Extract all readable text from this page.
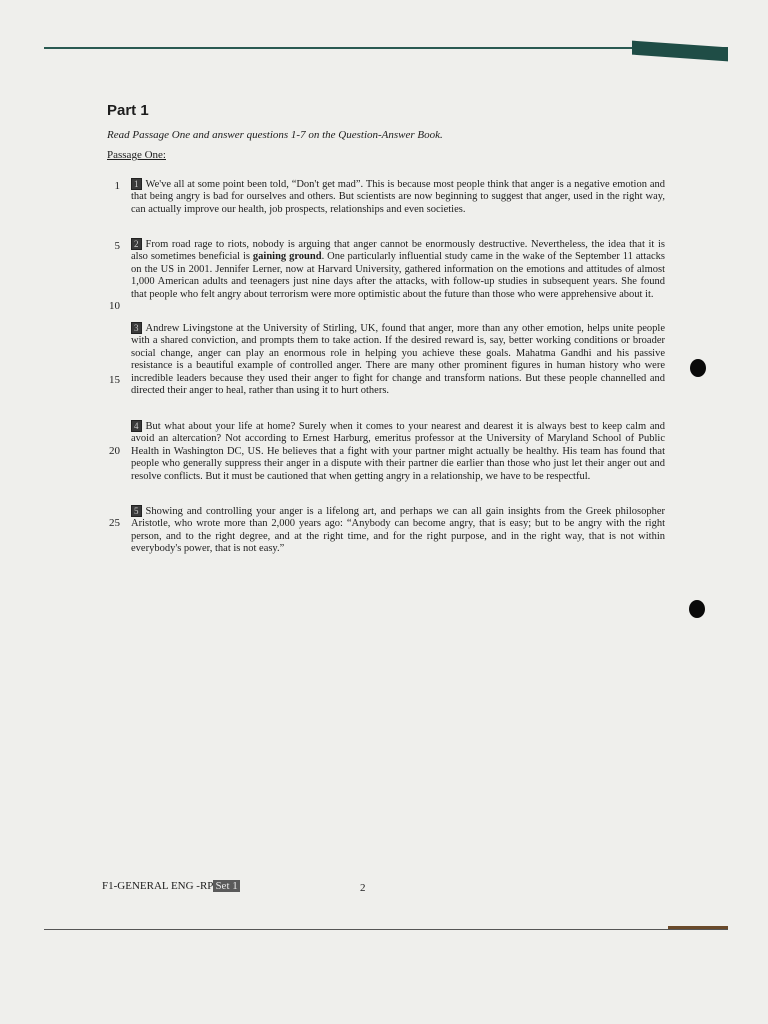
Part 1

Read Passage One and answer questions 1-7 on the Question-Answer Book.

Passage One:

1
5
10
15
20
25

1 We've all at some point been told, “Don't get mad”. This is because most people think that anger is a negative emotion and that being angry is bad for ourselves and others. But scientists are now beginning to suggest that anger, used in the right way, can actually improve our health, job prospects, relationships and even societies.

2 From road rage to riots, nobody is arguing that anger cannot be enormously destructive. Nevertheless, the idea that it is also sometimes beneficial is gaining ground. One particularly influential study came in the wake of the September 11 attacks on the US in 2001. Jennifer Lerner, now at Harvard University, gathered information on the emotions and attitudes of almost 1,000 American adults and teenagers just nine days after the attacks, with follow-up studies in subsequent years. She found that people who felt angry about terrorism were more optimistic about the future than those who were apprehensive about it.

3 Andrew Livingstone at the University of Stirling, UK, found that anger, more than any other emotion, helps unite people with a shared conviction, and prompts them to take action. If the desired reward is, say, better working conditions or broader social change, anger can play an enormous role in helping you achieve these goals. Mahatma Gandhi and his passive resistance is a beautiful example of controlled anger. There are many other prominent figures in human history who were incredible leaders because they used their anger to fight for change and transform nations. But these people channelled and directed their anger to heal, rather than using it to hurt others.

4 But what about your life at home? Surely when it comes to your nearest and dearest it is always best to keep calm and avoid an altercation? Not according to Ernest Harburg, emeritus professor at the University of Maryland School of Public Health in Washington DC, US. He believes that a fight with your partner might actually be healthy. His team has found that people who generally suppress their anger in a dispute with their partner die earlier than those who just let their anger out and resolve conflicts. But it must be cautioned that when getting angry in a relationship, we have to be respectful.

5 Showing and controlling your anger is a lifelong art, and perhaps we can all gain insights from the Greek philosopher Aristotle, who wrote more than 2,000 years ago: “Anybody can become angry, that is easy; but to be angry with the right person, and to the right degree, and at the right time, and for the right purpose, and in the right way, that is not within everybody's power, that is not easy.”

F1-GENERAL ENG -RP Set 1	2
